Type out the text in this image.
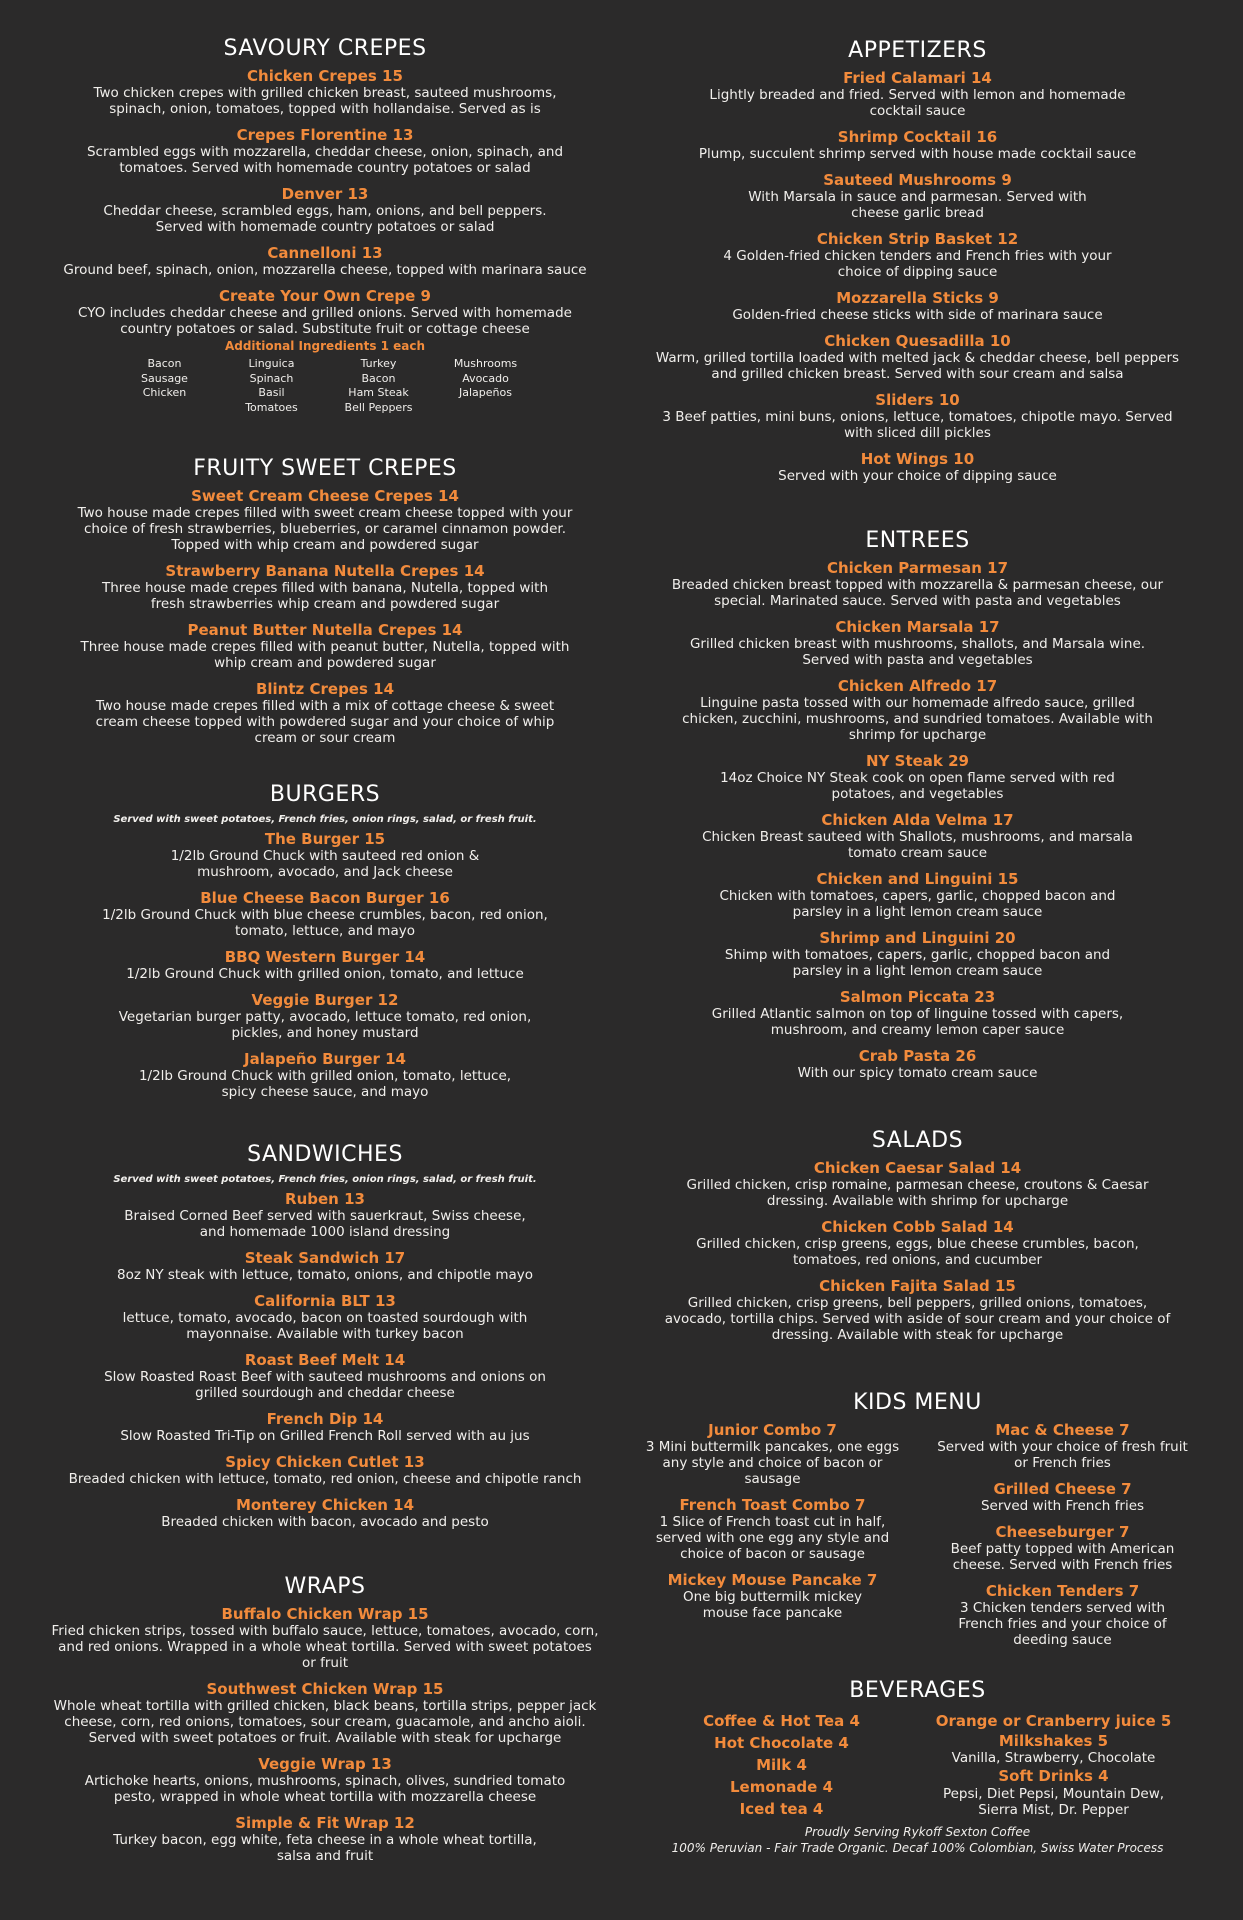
SAVOURY CREPES
Chicken Crepes 15
Two chicken crepes with grilled chicken breast, sauteed mushrooms, spinach, onion, tomatoes, topped with hollandaise. Served as is
Crepes Florentine 13
Scrambled eggs with mozzarella, cheddar cheese, onion, spinach, and tomatoes. Served with homemade country potatoes or salad
Denver 13
Cheddar cheese, scrambled eggs, ham, onions, and bell peppers. Served with homemade country potatoes or salad
Cannelloni 13
Ground beef, spinach, onion, mozzarella cheese, topped with marinara sauce
Create Your Own Crepe 9
CYO includes cheddar cheese and grilled onions. Served with homemade country potatoes or salad. Substitute fruit or cottage cheese
Additional Ingredients 1 each
Bacon
Sausage
Chicken
Linguica
Spinach
Basil
Tomatoes
Turkey
Bacon
Ham Steak
Bell Peppers
Mushrooms
Avocado
Jalapeños
FRUITY SWEET CREPES
Sweet Cream Cheese Crepes 14
Two house made crepes filled with sweet cream cheese topped with your choice of fresh strawberries, blueberries, or caramel cinnamon powder. Topped with whip cream and powdered sugar
Strawberry Banana Nutella Crepes 14
Three house made crepes filled with banana, Nutella, topped with fresh strawberries whip cream and powdered sugar
Peanut Butter Nutella Crepes 14
Three house made crepes filled with peanut butter, Nutella, topped with whip cream and powdered sugar
Blintz Crepes 14
Two house made crepes filled with a mix of cottage cheese & sweet cream cheese topped with powdered sugar and your choice of whip cream or sour cream
BURGERS
Served with sweet potatoes, French fries, onion rings, salad, or fresh fruit.
The Burger 15
1/2lb Ground Chuck with sauteed red onion & mushroom, avocado, and Jack cheese
Blue Cheese Bacon Burger 16
1/2lb Ground Chuck with blue cheese crumbles, bacon, red onion, tomato, lettuce, and mayo
BBQ Western Burger 14
1/2lb Ground Chuck with grilled onion, tomato, and lettuce
Veggie Burger 12
Vegetarian burger patty, avocado, lettuce tomato, red onion, pickles, and honey mustard
Jalapeño Burger 14
1/2lb Ground Chuck with grilled onion, tomato, lettuce, spicy cheese sauce, and mayo
SANDWICHES
Served with sweet potatoes, French fries, onion rings, salad, or fresh fruit.
Ruben 13
Braised Corned Beef served with sauerkraut, Swiss cheese, and homemade 1000 island dressing
Steak Sandwich 17
8oz NY steak with lettuce, tomato, onions, and chipotle mayo
California BLT 13
lettuce, tomato, avocado, bacon on toasted sourdough with mayonnaise. Available with turkey bacon
Roast Beef Melt 14
Slow Roasted Roast Beef with sauteed mushrooms and onions on grilled sourdough and cheddar cheese
French Dip 14
Slow Roasted Tri-Tip on Grilled French Roll served with au jus
Spicy Chicken Cutlet 13
Breaded chicken with lettuce, tomato, red onion, cheese and chipotle ranch
Monterey Chicken 14
Breaded chicken with bacon, avocado and pesto
WRAPS
Buffalo Chicken Wrap 15
Fried chicken strips, tossed with buffalo sauce, lettuce, tomatoes, avocado, corn, and red onions. Wrapped in a whole wheat tortilla. Served with sweet potatoes or fruit
Southwest Chicken Wrap 15
Whole wheat tortilla with grilled chicken, black beans, tortilla strips, pepper jack cheese, corn, red onions, tomatoes, sour cream, guacamole, and ancho aioli. Served with sweet potatoes or fruit. Available with steak for upcharge
Veggie Wrap 13
Artichoke hearts, onions, mushrooms, spinach, olives, sundried tomato pesto, wrapped in whole wheat tortilla with mozzarella cheese
Simple & Fit Wrap 12
Turkey bacon, egg white, feta cheese in a whole wheat tortilla, salsa and fruit
APPETIZERS
Fried Calamari 14
Lightly breaded and fried. Served with lemon and homemade cocktail sauce
Shrimp Cocktail 16
Plump, succulent shrimp served with house made cocktail sauce
Sauteed Mushrooms 9
With Marsala in sauce and parmesan. Served with cheese garlic bread
Chicken Strip Basket 12
4 Golden-fried chicken tenders and French fries with your choice of dipping sauce
Mozzarella Sticks 9
Golden-fried cheese sticks with side of marinara sauce
Chicken Quesadilla 10
Warm, grilled tortilla loaded with melted jack & cheddar cheese, bell peppers and grilled chicken breast. Served with sour cream and salsa
Sliders 10
3 Beef patties, mini buns, onions, lettuce, tomatoes, chipotle mayo. Served with sliced dill pickles
Hot Wings 10
Served with your choice of dipping sauce
ENTREES
Chicken Parmesan 17
Breaded chicken breast topped with mozzarella & parmesan cheese, our special. Marinated sauce. Served with pasta and vegetables
Chicken Marsala 17
Grilled chicken breast with mushrooms, shallots, and Marsala wine. Served with pasta and vegetables
Chicken Alfredo 17
Linguine pasta tossed with our homemade alfredo sauce, grilled chicken, zucchini, mushrooms, and sundried tomatoes. Available with shrimp for upcharge
NY Steak 29
14oz Choice NY Steak cook on open flame served with red potatoes, and vegetables
Chicken Alda Velma 17
Chicken Breast sauteed with Shallots, mushrooms, and marsala tomato cream sauce
Chicken and Linguini 15
Chicken with tomatoes, capers, garlic, chopped bacon and parsley in a light lemon cream sauce
Shrimp and Linguini 20
Shimp with tomatoes, capers, garlic, chopped bacon and parsley in a light lemon cream sauce
Salmon Piccata 23
Grilled Atlantic salmon on top of linguine tossed with capers, mushroom, and creamy lemon caper sauce
Crab Pasta 26
With our spicy tomato cream sauce
SALADS
Chicken Caesar Salad 14
Grilled chicken, crisp romaine, parmesan cheese, croutons & Caesar dressing. Available with shrimp for upcharge
Chicken Cobb Salad 14
Grilled chicken, crisp greens, eggs, blue cheese crumbles, bacon, tomatoes, red onions, and cucumber
Chicken Fajita Salad 15
Grilled chicken, crisp greens, bell peppers, grilled onions, tomatoes, avocado, tortilla chips. Served with aside of sour cream and your choice of dressing. Available with steak for upcharge
KIDS MENU
Junior Combo 7
3 Mini buttermilk pancakes, one eggs any style and choice of bacon or sausage
French Toast Combo 7
1 Slice of French toast cut in half, served with one egg any style and choice of bacon or sausage
Mickey Mouse Pancake 7
One big buttermilk mickey mouse face pancake
Mac & Cheese 7
Served with your choice of fresh fruit or French fries
Grilled Cheese 7
Served with French fries
Cheeseburger 7
Beef patty topped with American cheese. Served with French fries
Chicken Tenders 7
3 Chicken tenders served with French fries and your choice of deeding sauce
BEVERAGES
Coffee & Hot Tea 4
Hot Chocolate 4
Milk 4
Lemonade 4
Iced tea 4
Orange or Cranberry juice 5
Milkshakes 5
Vanilla, Strawberry, Chocolate
Soft Drinks 4
Pepsi, Diet Pepsi, Mountain Dew, Sierra Mist, Dr. Pepper
Proudly Serving Rykoff Sexton Coffee
100% Peruvian - Fair Trade Organic. Decaf 100% Colombian, Swiss Water Process
